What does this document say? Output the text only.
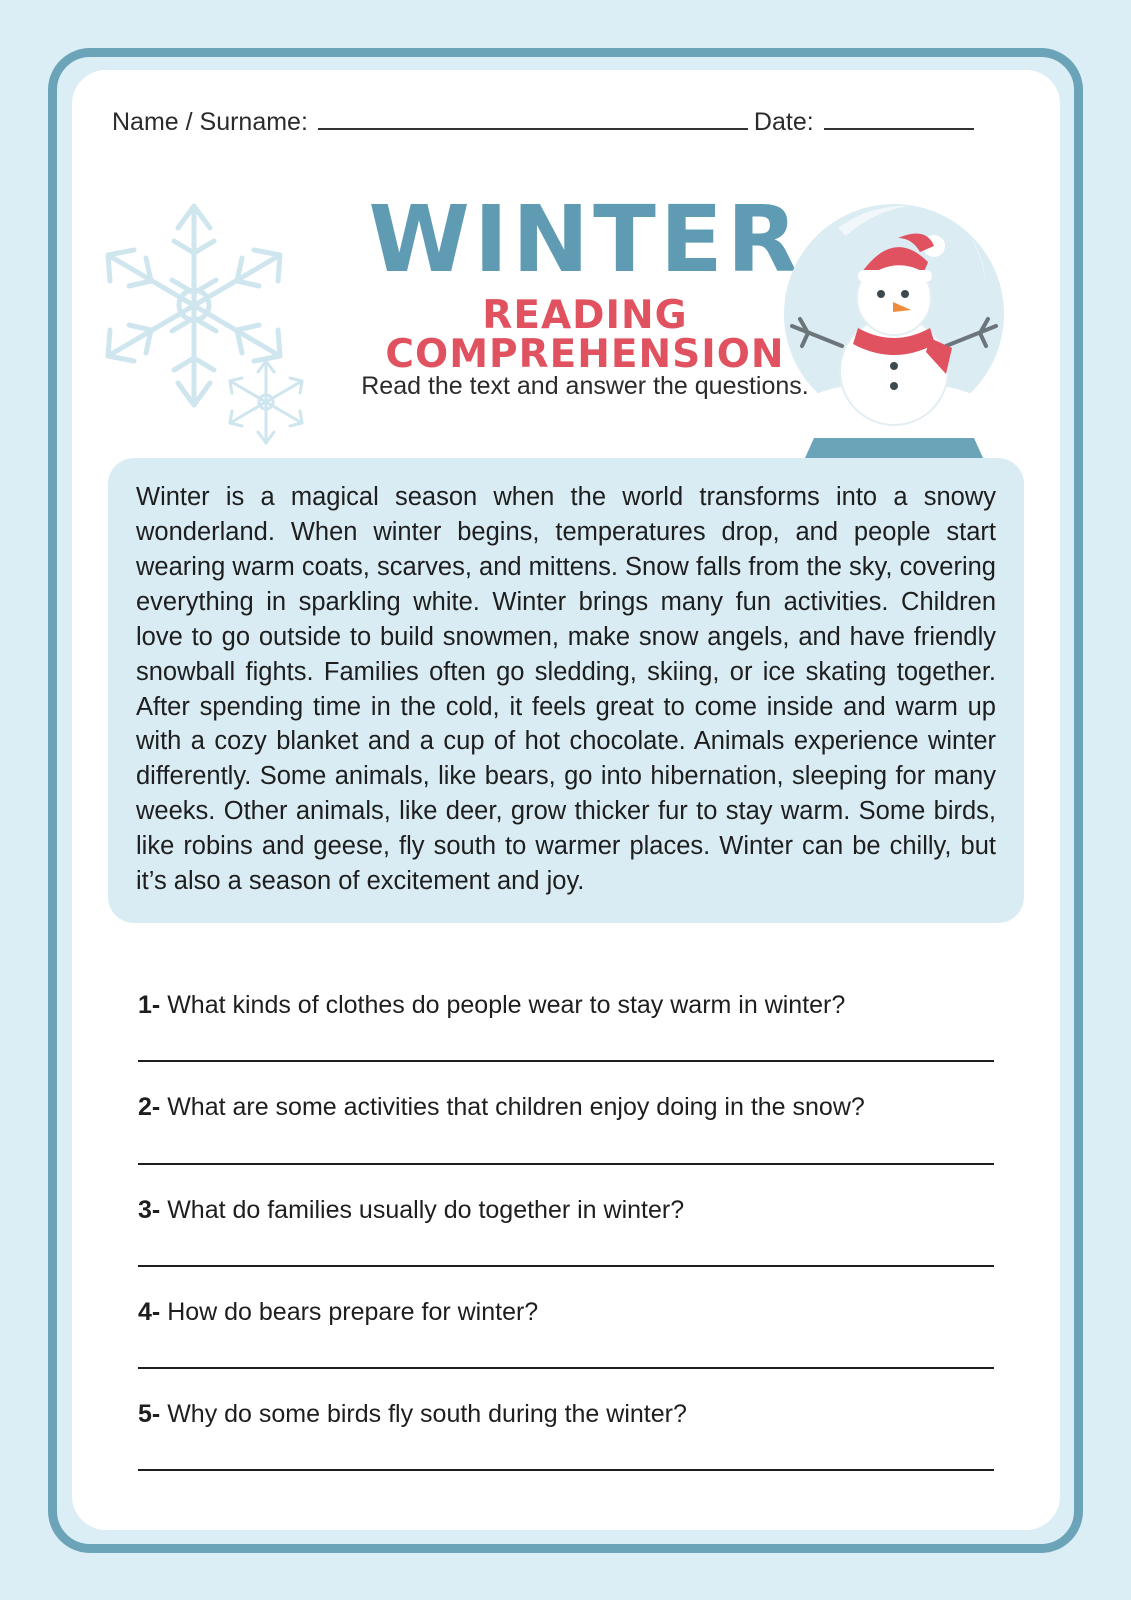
Name / Surname:	Date:
WINTER
READING COMPREHENSION
Read the text and answer the questions.

Winter is a magical season when the world transforms into a snowy wonderland. When winter begins, temperatures drop, and people start wearing warm coats, scarves, and mittens. Snow falls from the sky, covering everything in sparkling white. Winter brings many fun activities. Children love to go outside to build snowmen, make snow angels, and have friendly snowball fights. Families often go sledding, skiing, or ice skating together. After spending time in the cold, it feels great to come inside and warm up with a cozy blanket and a cup of hot chocolate. Animals experience winter differently. Some animals, like bears, go into hibernation, sleeping for many weeks. Other animals, like deer, grow thicker fur to stay warm. Some birds, like robins and geese, fly south to warmer places. Winter can be chilly, but it’s also a season of excitement and joy.

1- What kinds of clothes do people wear to stay warm in winter?

2- What are some activities that children enjoy doing in the snow?

3- What do families usually do together in winter?

4- How do bears prepare for winter?

5- Why do some birds fly south during the winter?
